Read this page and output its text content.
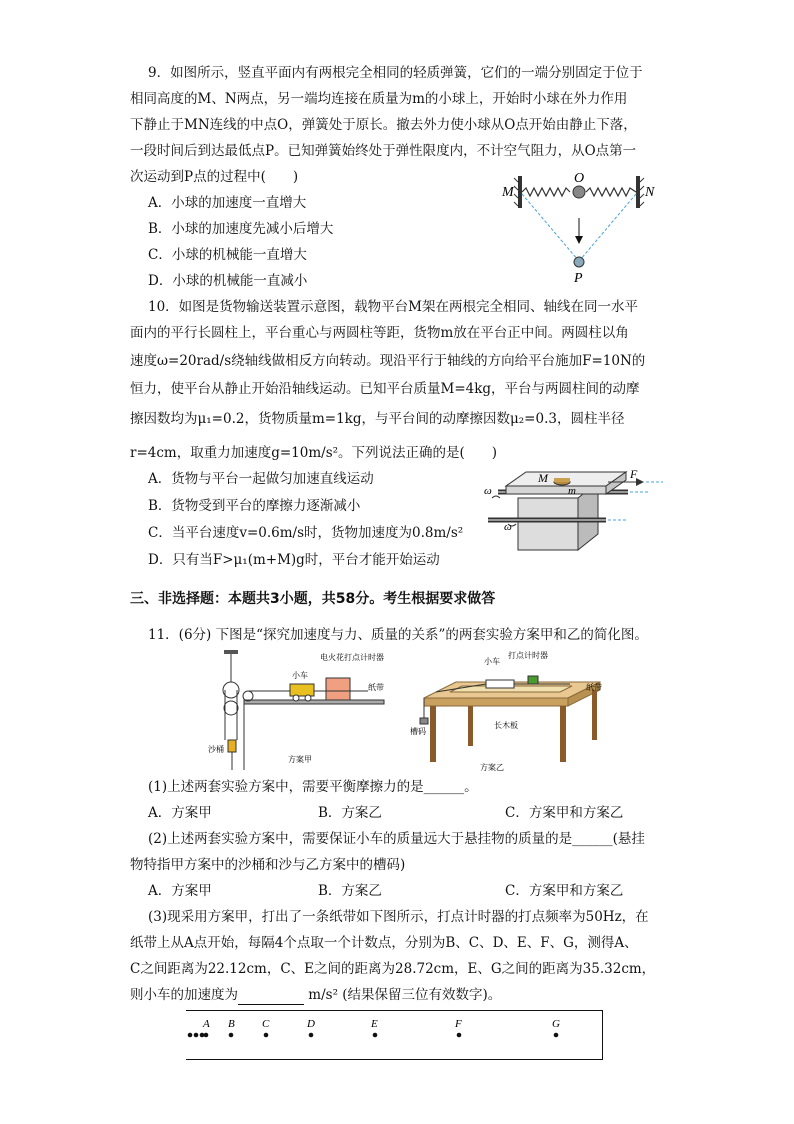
9．如图所示，竖直平面内有两根完全相同的轻质弹簧，它们的一端分别固定于位于
相同高度的M、N两点，另一端均连接在质量为m的小球上，开始时小球在外力作用
下静止于MN连线的中点O，弹簧处于原长。撤去外力使小球从O点开始由静止下落，
一段时间后到达最低点P。已知弹簧始终处于弹性限度内，不计空气阻力，从O点第一
次运动到P点的过程中(　　)
A．小球的加速度一直增大
B．小球的加速度先减小后增大
C．小球的机械能一直增大
D．小球的机械能一直减小
M
O
N
P
10．如图是货物输送装置示意图，载物平台M架在两根完全相同、轴线在同一水平
面内的平行长圆柱上，平台重心与两圆柱等距，货物m放在平台正中间。两圆柱以角
速度ω=20rad/s绕轴线做相反方向转动。现沿平行于轴线的方向给平台施加F=10N的
恒力，使平台从静止开始沿轴线运动。已知平台质量M=4kg，平台与两圆柱间的动摩
擦因数均为μ₁=0.2，货物质量m=1kg，与平台间的动摩擦因数μ₂=0.3，圆柱半径
r=4cm，取重力加速度g=10m/s²。下列说法正确的是(　　)
A．货物与平台一起做匀加速直线运动
B．货物受到平台的摩擦力逐渐减小
C．当平台速度v=0.6m/s时，货物加速度为0.8m/s²
D．只有当F>μ₁(m+M)g时，平台才能开始运动
ω
ω
M
m
F
三、非选择题：本题共3小题，共58分。考生根据要求做答
11．(6分) 下图是“探究加速度与力、质量的关系”的两套实验方案甲和乙的简化图。
小车
电火花打点计时器
纸带
沙桶
方案甲
小车
打点计时器
纸带
槽码
长木板
方案乙
(1)上述两套实验方案中，需要平衡摩擦力的是______。
A．方案甲	B．方案乙	C．方案甲和方案乙
(2)上述两套实验方案中，需要保证小车的质量远大于悬挂物的质量的是______(悬挂
物特指甲方案中的沙桶和沙与乙方案中的槽码)
A．方案甲	B．方案乙	C．方案甲和方案乙
(3)现采用方案甲，打出了一条纸带如下图所示，打点计时器的打点频率为50Hz，在
纸带上从A点开始，每隔4个点取一个计数点，分别为B、C、D、E、F、G，测得A、
C之间距离为22.12cm，C、E之间的距离为28.72cm，E、G之间的距离为35.32cm，
则小车的加速度为	m/s² (结果保留三位有效数字)。
A B C	D	E	F	G
